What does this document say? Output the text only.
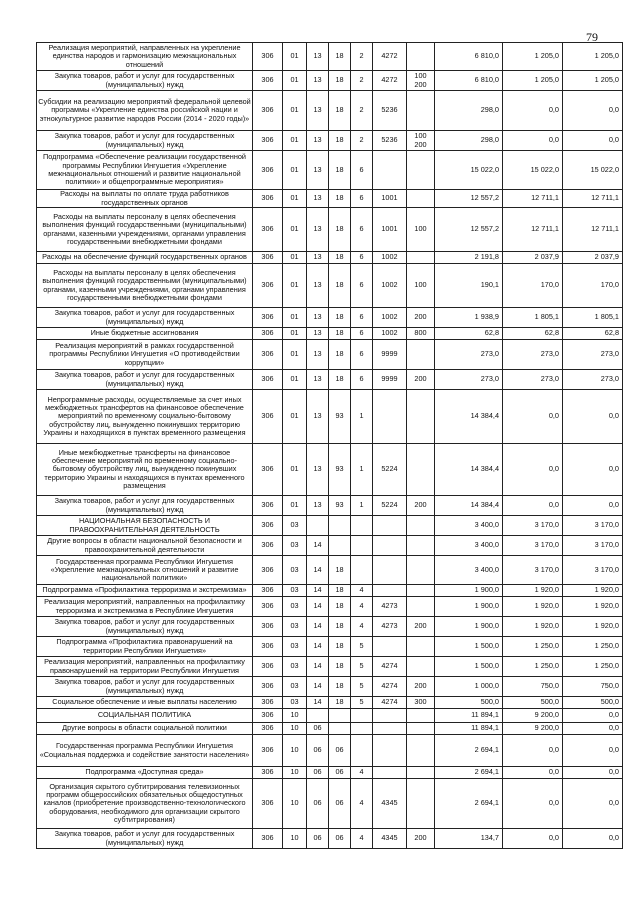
79
Реализация мероприятий, направленных на укрепление единства народов и гармонизацию межнациональных отношений	306	01	13	18	2	4272		6 810,0	1 205,0	1 205,0
Закупка товаров, работ и услуг для государственных (муниципальных) нужд	306	01	13	18	2	4272	100 200	6 810,0	1 205,0	1 205,0
Субсидии на реализацию мероприятий федеральной целевой программы «Укрепление единства российской нации и этнокультурное развитие народов России (2014 - 2020 годы)»	306	01	13	18	2	5236		298,0	0,0	0,0
Закупка товаров, работ и услуг для государственных (муниципальных) нужд	306	01	13	18	2	5236	100 200	298,0	0,0	0,0
Подпрограмма «Обеспечение реализации государственной программы Республики Ингушетия «Укрепление межнациональных отношений и развитие национальной политики» и общепрограммные мероприятия»	306	01	13	18	6			15 022,0	15 022,0	15 022,0
Расходы на выплаты по оплате труда работников государственных органов	306	01	13	18	6	1001		12 557,2	12 711,1	12 711,1
Расходы на выплаты персоналу в целях обеспечения выполнения функций государственными (муниципальными) органами, казенными учреждениями, органами управления государственными внебюджетными фондами	306	01	13	18	6	1001	100	12 557,2	12 711,1	12 711,1
Расходы на обеспечение функций государственных органов	306	01	13	18	6	1002		2 191,8	2 037,9	2 037,9
Расходы на выплаты персоналу в целях обеспечения выполнения функций государственными (муниципальными) органами, казенными учреждениями, органами управления государственными внебюджетными фондами	306	01	13	18	6	1002	100	190,1	170,0	170,0
Закупка товаров, работ и услуг для государственных (муниципальных) нужд	306	01	13	18	6	1002	200	1 938,9	1 805,1	1 805,1
Иные бюджетные ассигнования	306	01	13	18	6	1002	800	62,8	62,8	62,8
Реализация мероприятий в рамках государственной программы Республики Ингушетия «О противодействии коррупции»	306	01	13	18	6	9999		273,0	273,0	273,0
Закупка товаров, работ и услуг для государственных (муниципальных) нужд	306	01	13	18	6	9999	200	273,0	273,0	273,0
Непрограммные расходы, осуществляемые за счет иных межбюджетных трансфертов на финансовое обеспечение мероприятий по временному социально-бытовому обустройству лиц, вынужденно покинувших территорию Украины и находящихся в пунктах временного размещения	306	01	13	93	1			14 384,4	0,0	0,0
Иные межбюджетные трансферты на финансовое обеспечение мероприятий по временному социально-бытовому обустройству лиц, вынужденно покинувших территорию Украины и находящихся в пунктах временного размещения	306	01	13	93	1	5224		14 384,4	0,0	0,0
Закупка товаров, работ и услуг для государственных (муниципальных) нужд	306	01	13	93	1	5224	200	14 384,4	0,0	0,0
НАЦИОНАЛЬНАЯ БЕЗОПАСНОСТЬ И ПРАВООХРАНИТЕЛЬНАЯ ДЕЯТЕЛЬНОСТЬ	306	03						3 400,0	3 170,0	3 170,0
Другие вопросы в области национальной безопасности и правоохранительной деятельности	306	03	14					3 400,0	3 170,0	3 170,0
Государственная программа Республики Ингушетия «Укрепление межнациональных отношений и развитие национальной политики»	306	03	14	18				3 400,0	3 170,0	3 170,0
Подпрограмма «Профилактика терроризма и экстремизма»	306	03	14	18	4			1 900,0	1 920,0	1 920,0
Реализация мероприятий, направленных на профилактику терроризма и экстремизма в Республике Ингушетия	306	03	14	18	4	4273		1 900,0	1 920,0	1 920,0
Закупка товаров, работ и услуг для государственных (муниципальных) нужд	306	03	14	18	4	4273	200	1 900,0	1 920,0	1 920,0
Подпрограмма «Профилактика правонарушений на территории Республики Ингушетия»	306	03	14	18	5			1 500,0	1 250,0	1 250,0
Реализация мероприятий, направленных на профилактику правонарушений на территории Республики Ингушетия	306	03	14	18	5	4274		1 500,0	1 250,0	1 250,0
Закупка товаров, работ и услуг для государственных (муниципальных) нужд	306	03	14	18	5	4274	200	1 000,0	750,0	750,0
Социальное обеспечение и иные выплаты населению	306	03	14	18	5	4274	300	500,0	500,0	500,0
СОЦИАЛЬНАЯ ПОЛИТИКА	306	10						11 894,1	9 200,0	0,0
Другие вопросы в области социальной политики	306	10	06					11 894,1	9 200,0	0,0
Государственная программа Республики Ингушетия «Социальная поддержка и содействие занятости населения»	306	10	06	06				2 694,1	0,0	0,0
Подпрограмма «Доступная среда»	306	10	06	06	4			2 694,1	0,0	0,0
Организация скрытого субтитрирования телевизионных программ общероссийских обязательных общедоступных каналов (приобретение производственно-технологического оборудования, необходимого для организации скрытого субтитрирования)	306	10	06	06	4	4345		2 694,1	0,0	0,0
Закупка товаров, работ и услуг для государственных (муниципальных) нужд	306	10	06	06	4	4345	200	134,7	0,0	0,0
